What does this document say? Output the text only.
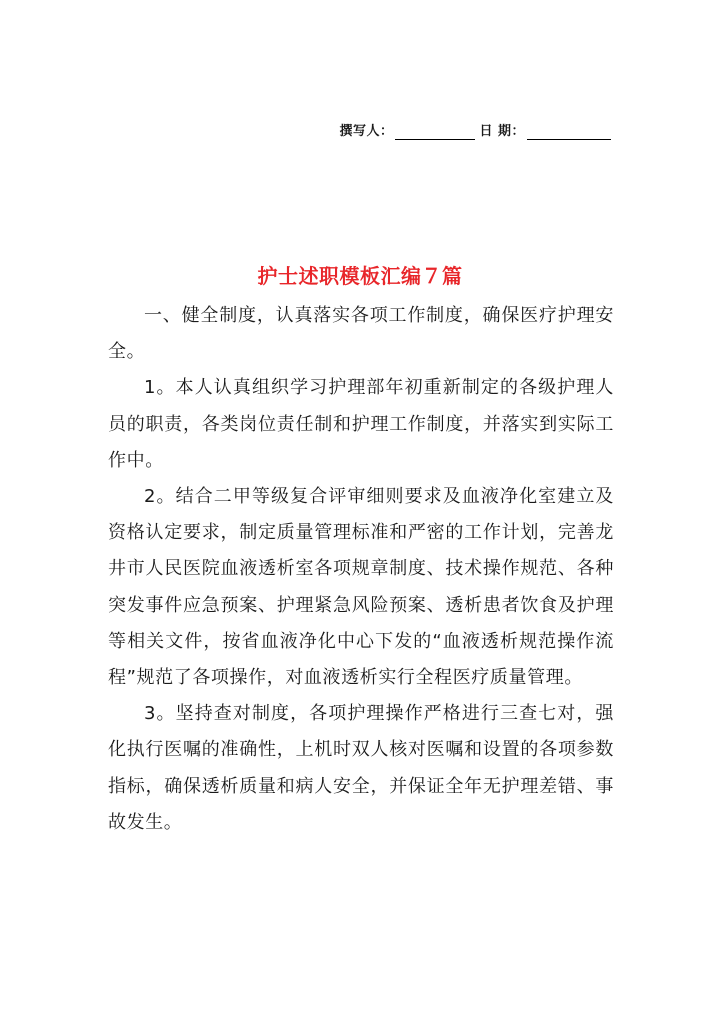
撰写人：	日 期：
护士述职模板汇编７篇

一、健全制度，认真落实各项工作制度，确保医疗护理安全。

1。本人认真组织学习护理部年初重新制定的各级护理人员的职责，各类岗位责任制和护理工作制度，并落实到实际工作中。

2。结合二甲等级复合评审细则要求及血液净化室建立及资格认定要求，制定质量管理标准和严密的工作计划，完善龙井市人民医院血液透析室各项规章制度、技术操作规范、各种突发事件应急预案、护理紧急风险预案、透析患者饮食及护理等相关文件，按省血液净化中心下发的“血液透析规范操作流程”规范了各项操作，对血液透析实行全程医疗质量管理。

3。坚持查对制度，各项护理操作严格进行三查七对，强化执行医嘱的准确性，上机时双人核对医嘱和设置的各项参数指标，确保透析质量和病人安全，并保证全年无护理差错、事故发生。
